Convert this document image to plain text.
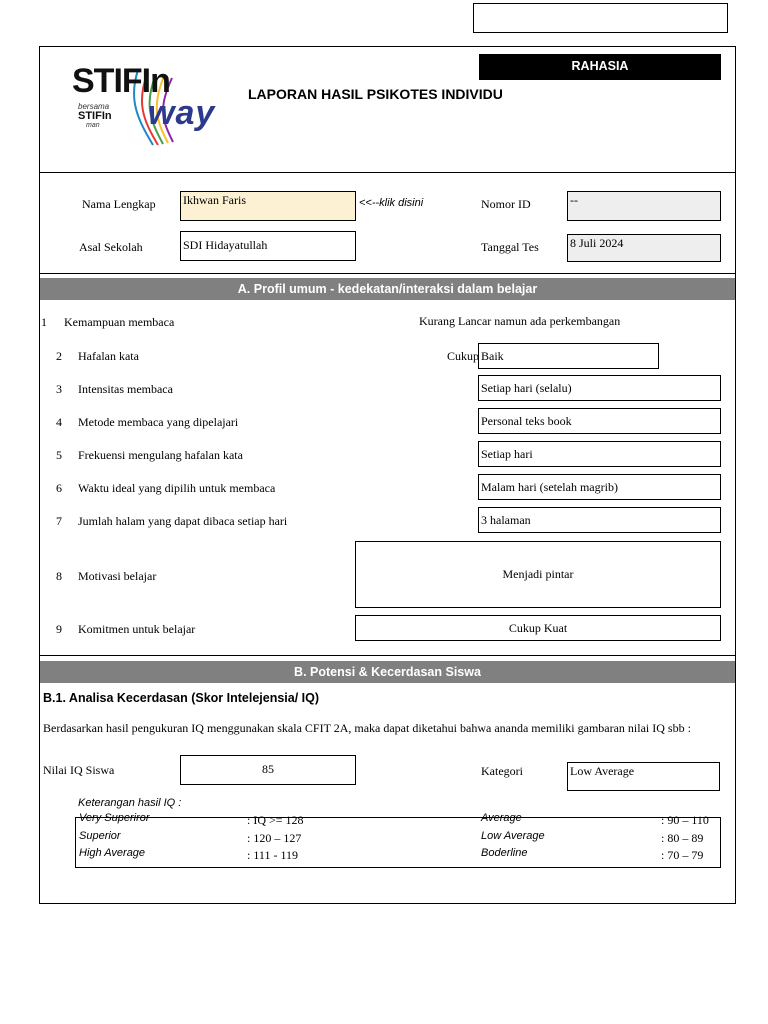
STIFIn
bersama
STIFIn
man way
RAHASIA
LAPORAN HASIL PSIKOTES INDIVIDU
Nama Lengkap Ikhwan Faris	<<--klik disini	Nomor ID	--
Asal Sekolah	SDI Hidayatullah	Tanggal Tes	8 Juli 2024
A. Profil umum - kedekatan/interaksi dalam belajar
1 Kemampuan membaca	Kurang Lancar namun ada perkembangan
2 Hafalan kata	Cukup Baik
3 Intensitas membaca	Setiap hari (selalu)
4 Metode membaca yang dipelajari	Personal teks book
5 Frekuensi mengulang hafalan kata	Setiap hari
6 Waktu ideal yang dipilih untuk membaca	Malam hari (setelah magrib)
7 Jumlah halam yang dapat dibaca setiap hari	3 halaman
8 Motivasi belajar	Menjadi pintar
9 Komitmen untuk belajar	Cukup Kuat
B. Potensi & Kecerdasan Siswa
B.1. Analisa Kecerdasan (Skor Intelejensia/ IQ)
Berdasarkan hasil pengukuran IQ menggunakan skala CFIT 2A, maka dapat diketahui bahwa ananda memiliki gambaran nilai IQ sbb :
Nilai IQ Siswa	85	Kategori	Low Average
Keterangan hasil IQ :
Very Superiror	: IQ >= 128
Superior	: 120 – 127
High Average	: 111 - 119
Average	: 90 – 110
Low Average	: 80 – 89
Boderline	: 70 – 79
